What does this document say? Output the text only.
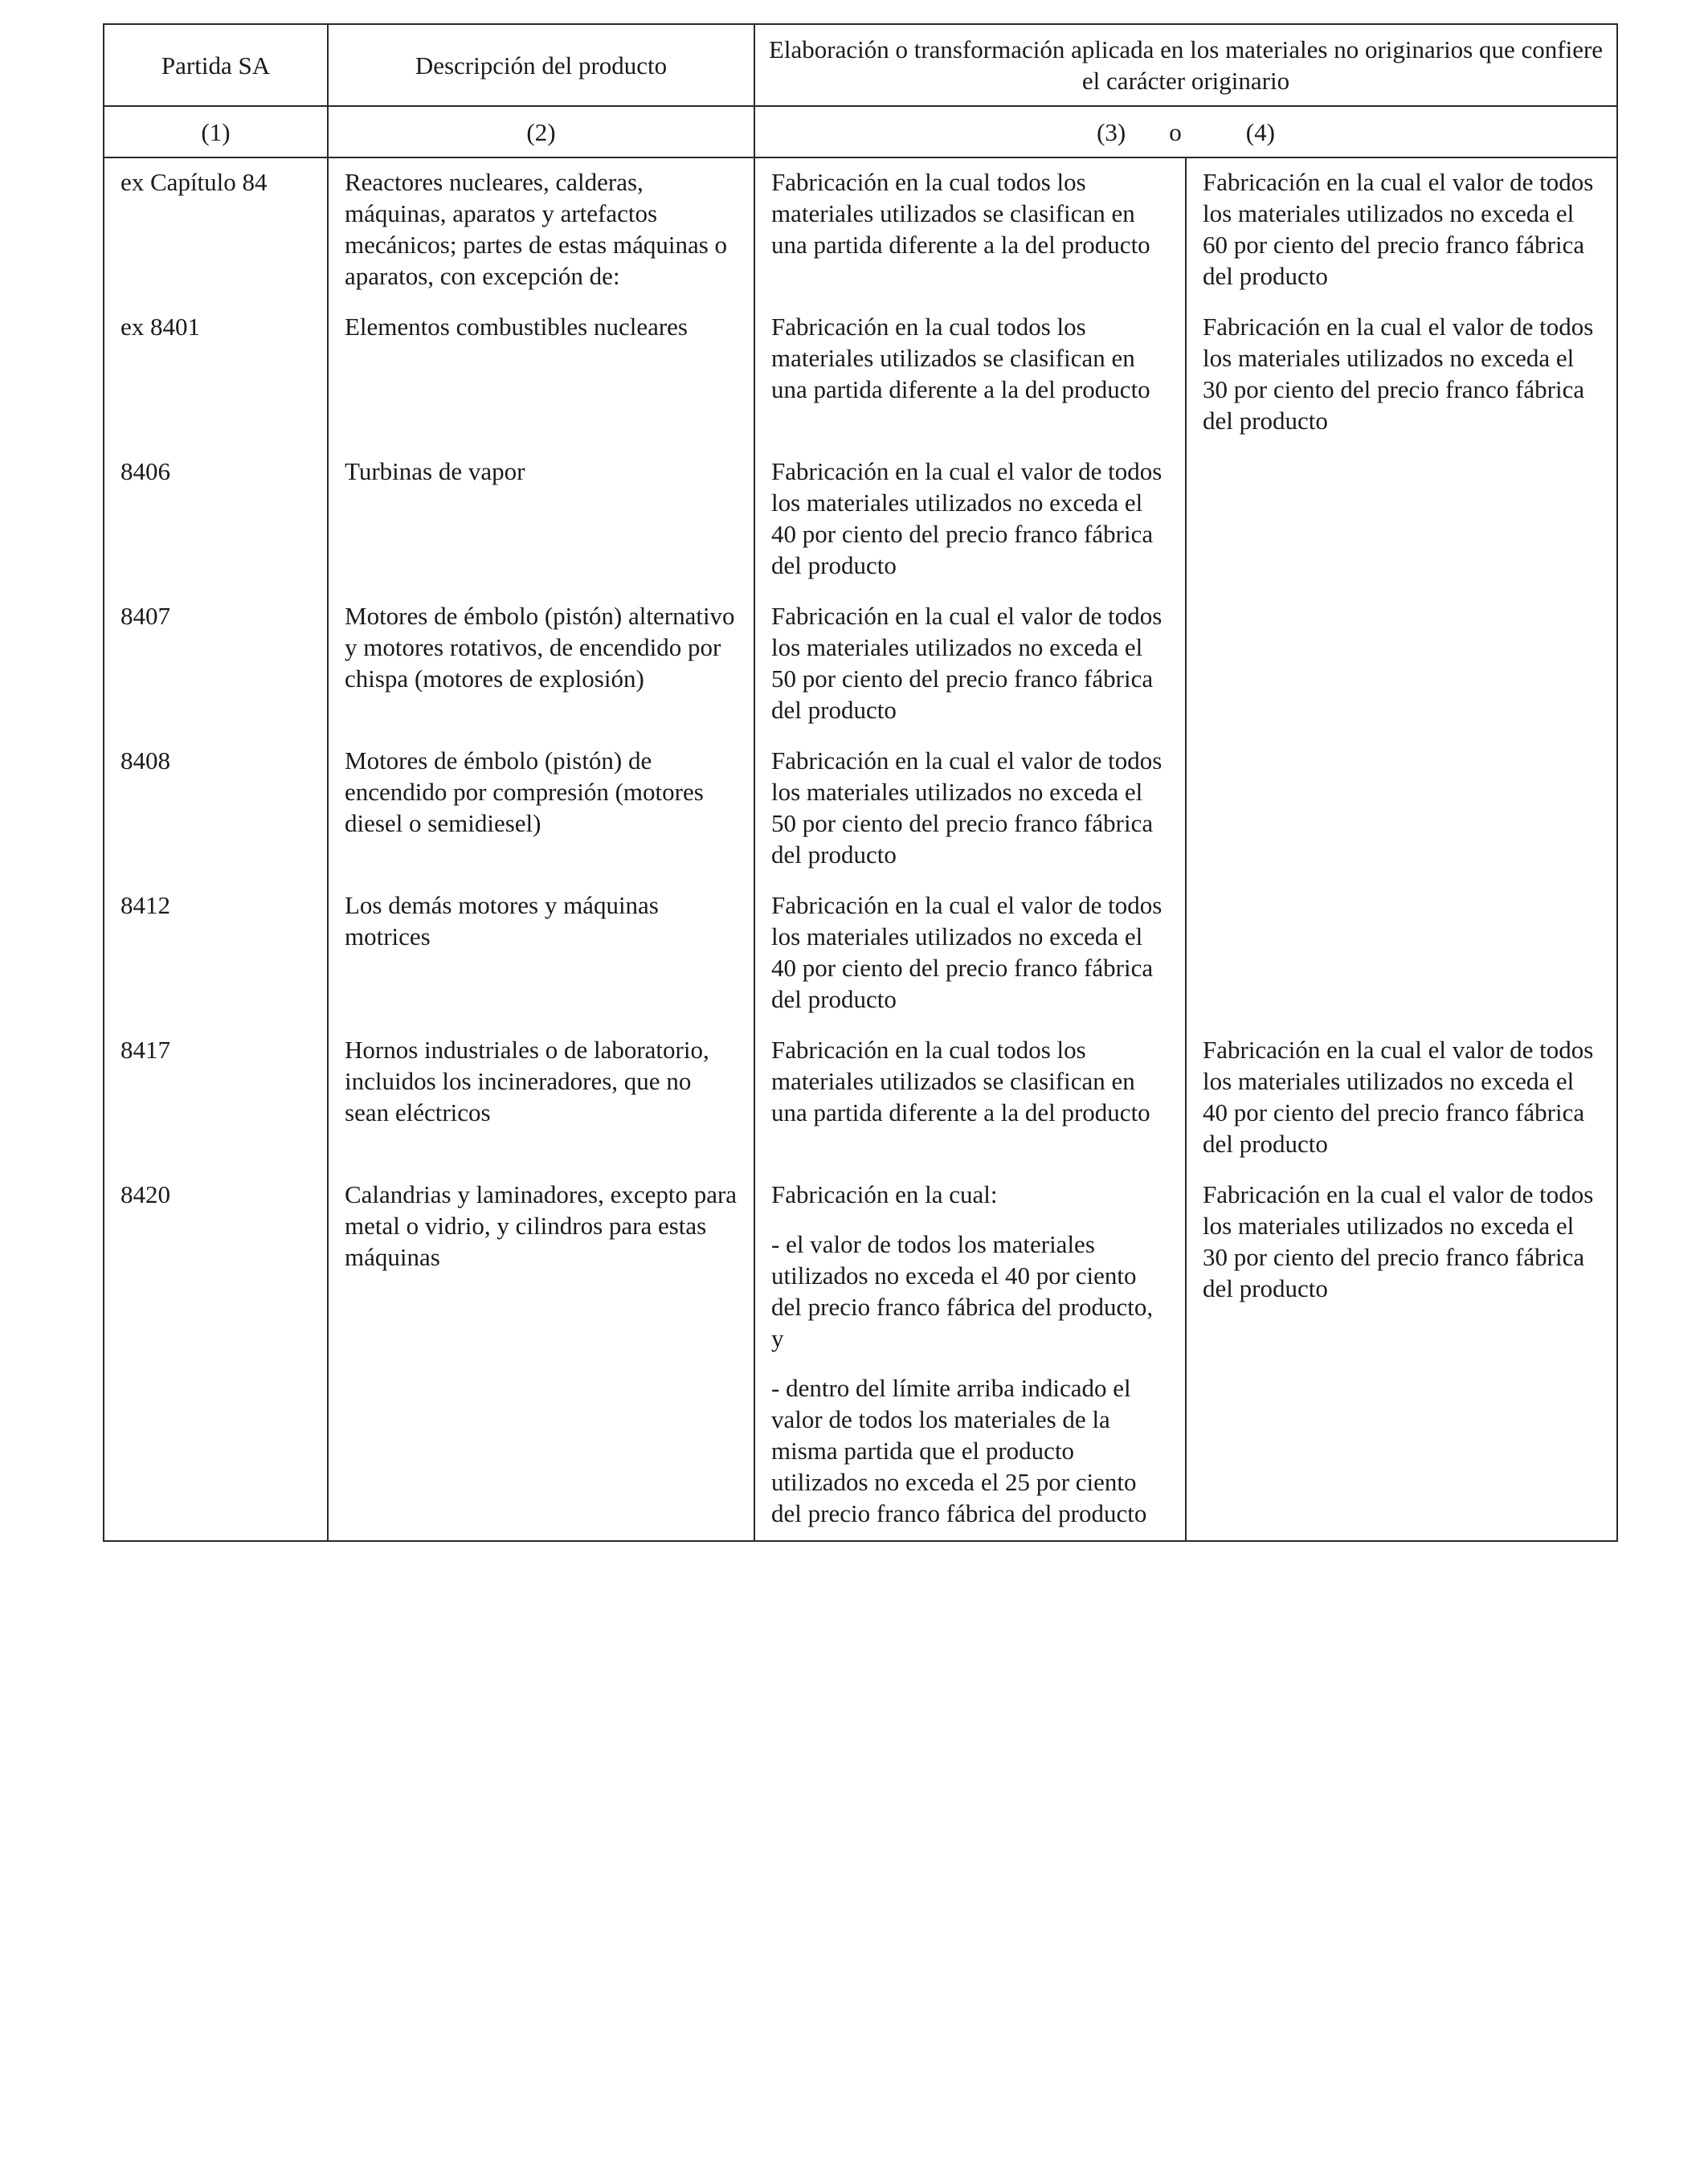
Partida SA	Descripción del producto	Elaboración o transformación aplicada en los materiales no originarios que confiere el carácter originario	
(1)	(2)	(3) o (4)	

ex Capítulo 84	Reactores nucleares, calderas, máquinas, aparatos y artefactos mecánicos; partes de estas máquinas o aparatos, con excepción de:	Fabricación en la cual todos los materiales utilizados se clasifican en una partida diferente a la del producto	Fabricación en la cual el valor de todos los materiales utilizados no exceda el 60 por ciento del precio franco fábrica del producto
ex 8401	Elementos combustibles nucleares	Fabricación en la cual todos los materiales utilizados se clasifican en una partida diferente a la del producto	Fabricación en la cual el valor de todos los materiales utilizados no exceda el 30 por ciento del precio franco fábrica del producto
8406	Turbinas de vapor	Fabricación en la cual el valor de todos los materiales utilizados no exceda el 40 por ciento del precio franco fábrica del producto	

8407	Motores de émbolo (pistón) alternativo y motores rotativos, de encendido por chispa (motores de explosión)	Fabricación en la cual el valor de todos los materiales utilizados no exceda el 50 por ciento del precio franco fábrica del producto	

8408	Motores de émbolo (pistón) de encendido por compresión (motores diesel o semidiesel)	Fabricación en la cual el valor de todos los materiales utilizados no exceda el 50 por ciento del precio franco fábrica del producto	

8412	Los demás motores y máquinas motrices	Fabricación en la cual el valor de todos los materiales utilizados no exceda el 40 por ciento del precio franco fábrica del producto	

8417	Hornos industriales o de laboratorio, incluidos los incineradores, que no sean eléctricos	Fabricación en la cual todos los materiales utilizados se clasifican en una partida diferente a la del producto	Fabricación en la cual el valor de todos los materiales utilizados no exceda el 40 por ciento del precio franco fábrica del producto
8420	Calandrias y laminadores, excepto para metal o vidrio, y cilindros para estas máquinas	Fabricación en la cual:
- el valor de todos los materiales utilizados no exceda el 40 por ciento del precio franco fábrica del producto, y
- dentro del límite arriba indicado el valor de todos los materiales de la misma partida que el producto utilizados no exceda el 25 por ciento del precio franco fábrica del producto	Fabricación en la cual el valor de todos los materiales utilizados no exceda el 30 por ciento del precio franco fábrica del producto
